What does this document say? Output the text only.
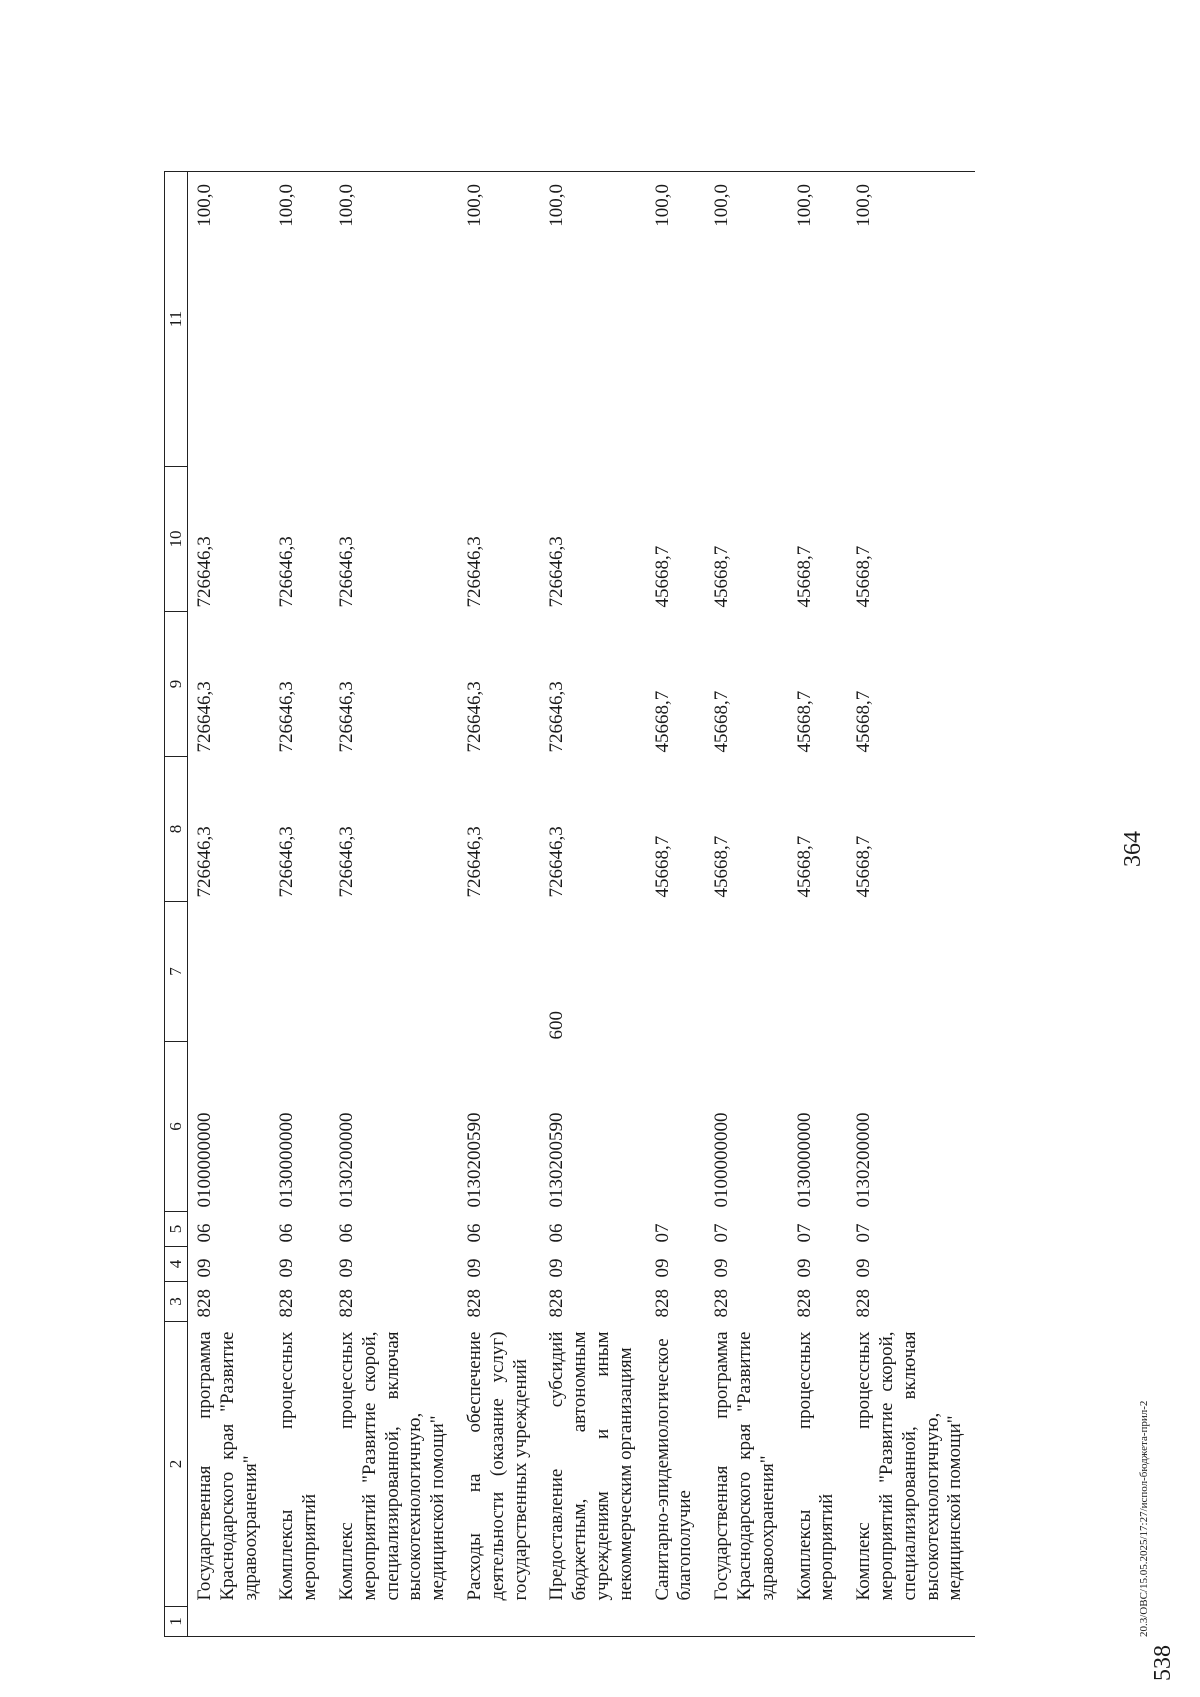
364
538
20.3/ОВС/15.05.2025/17:27/испол-бюджета-прил-2
1	2	3	4	5	6	7	8	9	10	11
	Государственная программа Краснодарского края "Развитие здравоохранения"	828	09	06	0100000000		726646,3	726646,3	726646,3	100,0
	Комплексы процессных мероприятий	828	09	06	0130000000		726646,3	726646,3	726646,3	100,0
	Комплекс процессных мероприятий "Развитие скорой, специализированной, включая высокотехнологичную, медицинской помощи"	828	09	06	0130200000		726646,3	726646,3	726646,3	100,0
	Расходы на обеспечение деятельности (оказание услуг) государственных учреждений	828	09	06	0130200590		726646,3	726646,3	726646,3	100,0
	Предоставление субсидий бюджетным, автономным учреждениям и иным некоммерческим организациям	828	09	06	0130200590	600	726646,3	726646,3	726646,3	100,0
	Санитарно-эпидемиологическое благополучие	828	09	07			45668,7	45668,7	45668,7	100,0
	Государственная программа Краснодарского края "Развитие здравоохранения"	828	09	07	0100000000		45668,7	45668,7	45668,7	100,0
	Комплексы процессных мероприятий	828	09	07	0130000000		45668,7	45668,7	45668,7	100,0
	Комплекс процессных мероприятий "Развитие скорой, специализированной, включая высокотехнологичную, медицинской помощи"	828	09	07	0130200000		45668,7	45668,7	45668,7	100,0
